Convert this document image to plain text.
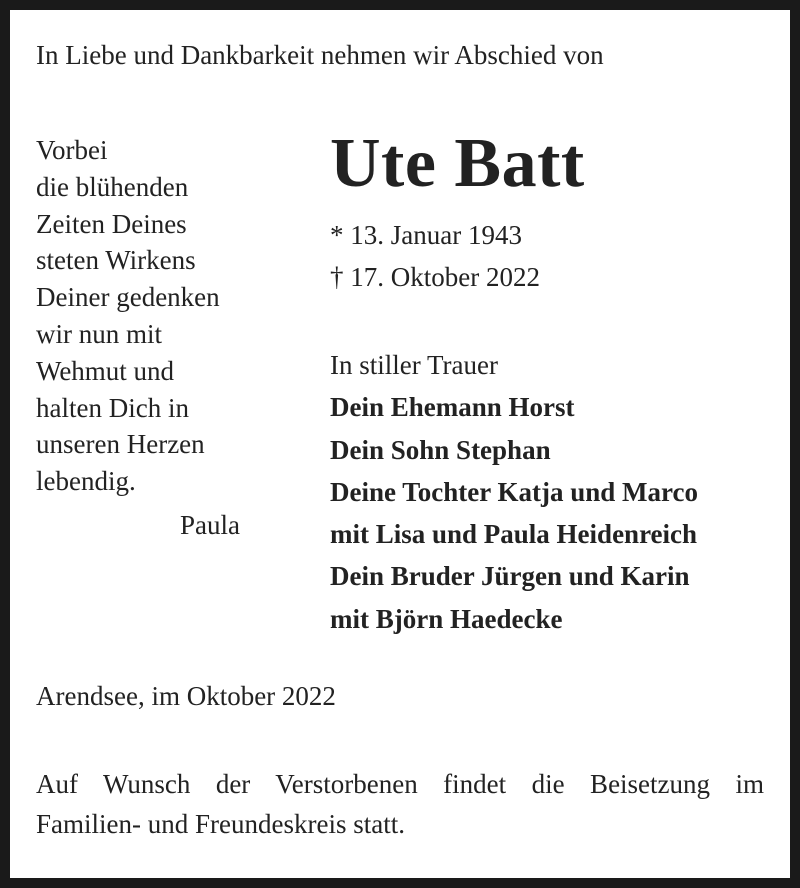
In Liebe und Dankbarkeit nehmen wir Abschied von
Vorbei
die blühenden
Zeiten Deines
steten Wirkens
Deiner gedenken
wir nun mit
Wehmut und
halten Dich in
unseren Herzen
lebendig.
Paula
Ute Batt
* 13. Januar 1943
† 17. Oktober 2022
In stiller Trauer
Dein Ehemann Horst
Dein Sohn Stephan
Deine Tochter Katja und Marco
mit Lisa und Paula Heidenreich
Dein Bruder Jürgen und Karin
mit Björn Haedecke
Arendsee, im Oktober 2022
Auf Wunsch der Verstorbenen findet die Beisetzung im
Familien- und Freundeskreis statt.
